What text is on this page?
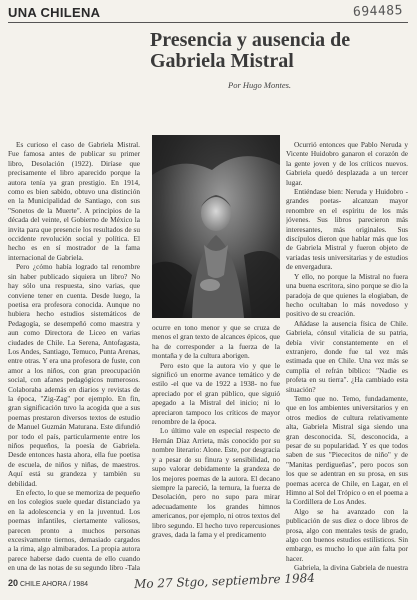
UNA CHILENA	694485
Presencia y ausencia de Gabriela Mistral
Por Hugo Montes.

Es curioso el caso de Gabriela Mistral. Fue famosa antes de publicar su primer libro, Desolación (1922). Diríase que precisamente el libro aparecido porque la autora tenía ya gran prestigio. En 1914, como es bien sabido, obtuvo una distinción en la Municipalidad de Santiago, con sus "Sonetos de la Muerte". A principios de la década del veinte, el Gobierno de México la invita para que presencie los resultados de su occidente revolución social y política. El hecho es en sí mostrador de la fama internacional de Gabriela.

Pero ¿cómo había logrado tal renombre sin haber publicado siquiera un libro? No hay sólo una respuesta, sino varias, que conviene tener en cuenta. Desde luego, la poetisa era profesora conocida. Aunque no hubiera hecho estudios sistemáticos de Pedagogía, se desempeñó como maestra y aun como Directora de Liceo en varias ciudades de Chile. La Serena, Antofagasta, Los Andes, Santiago, Temuco, Punta Arenas, entre otras. Y era una profesora de fuste, con amor a los niños, con gran preocupación social, con afanes pedagógicos numerosos. Colaboraba además en diarios y revistas de la época, "Zig-Zag" por ejemplo. En fin, gran significación tuvo la acogida que a sus poemas prestaron diversos textos de estudio de Manuel Guzmán Maturana. Este difundió por todo el país, particularmente entre los niños pequeños, la poesía de Gabriela. Desde entonces hasta ahora, ella fue poetisa de escuela, de niños y niñas, de maestros. Aquí está su grandeza y también su debilidad.

En efecto, lo que se memoriza de pequeño en los colegios suele quedar distanciado ya en la adolescencia y en la juventud. Los poemas infantiles, ciertamente valiosos, parecen pronto a muchos personas excesivamente tiernos, demasiado cargados a la rima, algo almibarados. La propia autora parece haberse dado cuenta de ello cuando en una de las notas de su segundo libro -Tala

ocurre en tono menor y que se cruza de menos el gran texto de alcances épicos, que ha de corresponder a la fuerza de la montaña y de la cultura aborigen.

Pero esto que la autora vio y que le significó un enorme avance temático y de estilo -el que va de 1922 a 1938- no fue apreciado por el gran público, que siguió apegado a la Mistral del inicio; ni lo apreciaron tampoco los críticos de mayor renombre de la época.

Lo último vale en especial respecto de Hernán Díaz Arrieta, más conocido por su nombre literario: Alone. Este, por desgracia y a pesar de su finura y sensibilidad, no supo valorar debidamente la grandeza de los mejores poemas de la autora. El decano siempre la pareció, la ternura, la fuerza de Desolación, pero no supo para mirar adecuadamente los grandes himnos americanos, por ejemplo, ni otros textos del libro segundo. El hecho tuvo repercusiones graves, dada la fama y el predicamento

Ocurrió entonces que Pablo Neruda y Vicente Huidobro ganaron el corazón de la gente joven y de los críticos nuevos. Gabriela quedó desplazada a un tercer lugar.

Entiéndase bien: Neruda y Huidobro -grandes poetas- alcanzan mayor renombre en el espíritu de los más jóvenes. Sus libros parecieron más interesantes, más originales. Sus discípulos dieron que hablar más que los de Gabriela Mistral y fueron objeto de variadas tesis universitarias y de estudios de envergadura.

Y ello, no porque la Mistral no fuera una buena escritora, sino porque se dio la paradoja de que quienes la elogiaban, de hecho ocultaban lo más novedoso y positivo de su creación.

Añádase la ausencia física de Chile. Gabriela, cónsul vitalicia de su patria, debía vivir constantemente en el extranjero, donde fue tal vez más estimada que en Chile. Una vez más se cumplía el refrán bíblico: "Nadie es profeta en su tierra". ¿Ha cambiado esta situación?

Temo que no. Temo, fundadamente, que en los ambientes universitarios y en otros medios de cultura relativamente alta, Gabriela Mistral siga siendo una gran desconocida. Sí, desconocida, a pesar de su popularidad. Y es que todos saben de sus "Piececitos de niño" y de "Manitas perdigueñas", pero pocos son los que se adentran en su prosa, en sus poemas acerca de Chile, en Lagar, en el Himno al Sol del Trópico o en el poema a la Cordillera de Los Andes.

Algo se ha avanzado con la publicación de sus diez o doce libros de prosa, algo con mentales tesis de grado, algo con buenos estudios estilísticos. Sin embargo, es mucho lo que aún falta por hacer.

Gabriela, la divina Gabriela de nuestra

20 CHILE AHORA / 1984	Mo 27 Stgo, septiembre 1984
